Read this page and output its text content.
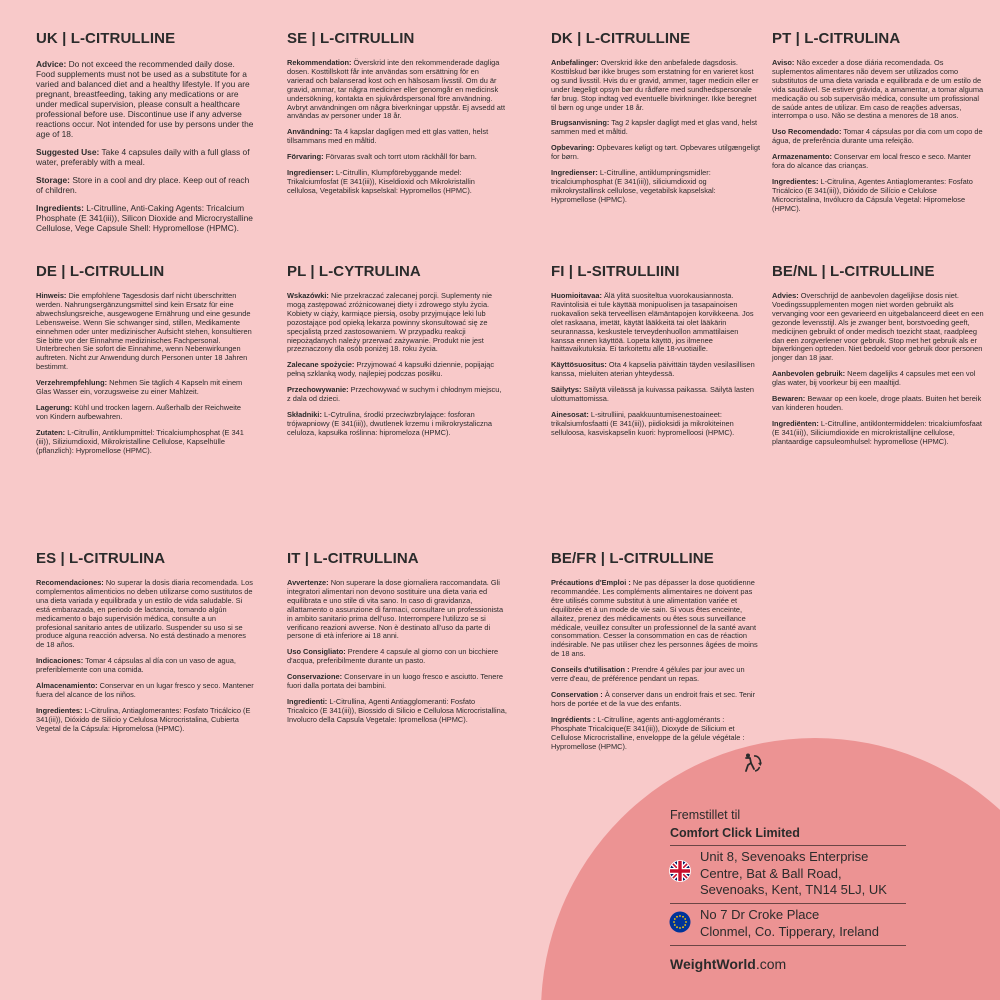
UK | L-CITRULLINE

Advice: Do not exceed the recommended daily dose. Food supplements must not be used as a substitute for a varied and balanced diet and a healthy lifestyle. If you are pregnant, breastfeeding, taking any medications or are under medical supervision, please consult a healthcare professional before use. Discontinue use if any adverse reactions occur. Not intended for use by persons under the age of 18.

Suggested Use: Take 4 capsules daily with a full glass of water, preferably with a meal.

Storage: Store in a cool and dry place. Keep out of reach of children.

Ingredients: L-Citrulline, Anti-Caking Agents: Tricalcium Phosphate (E 341(iii)), Silicon Dioxide and Microcrystalline Cellulose, Vege Capsule Shell: Hypromellose (HPMC).

SE | L-CITRULLIN

Rekommendation: Överskrid inte den rekommenderade dagliga dosen. Kosttillskott får inte användas som ersättning för en varierad och balanserad kost och en hälsosam livsstil. Om du är gravid, ammar, tar några mediciner eller genomgår en medicinsk undersökning, kontakta en sjukvårdspersonal före användning. Avbryt användningen om några biverkningar uppstår. Ej avsedd att användas av personer under 18 år.

Användning: Ta 4 kapslar dagligen med ett glas vatten, helst tillsammans med en måltid.

Förvaring: Förvaras svalt och torrt utom räckhåll för barn.

Ingredienser: L-Citrullin, Klumpförebyggande medel: Trikalciumfosfat (E 341(iii)), Kiseldioxid och Mikrokristallin cellulosa, Vegetabilisk kapselskal: Hypromellos (HPMC).

DK | L-CITRULLINE

Anbefalinger: Overskrid ikke den anbefalede dagsdosis. Kosttilskud bør ikke bruges som erstatning for en varieret kost og sund livsstil. Hvis du er gravid, ammer, tager medicin eller er under lægeligt opsyn bør du rådføre med sundhedspersonale før brug. Stop indtag ved eventuelle bivirkninger. Ikke beregnet til børn og unge under 18 år.

Brugsanvisning: Tag 2 kapsler dagligt med et glas vand, helst sammen med et måltid.

Opbevaring: Opbevares køligt og tørt. Opbevares utilgængeligt for børn.

Ingredienser: L-Citrulline, antiklumpningsmidler: tricalciumphosphat (E 341(iii)), siliciumdioxid og mikrokrystallinsk cellulose, vegetabilsk kapselskal: Hypromellose (HPMC).

PT | L-CITRULINA

Aviso: Não exceder a dose diária recomendada. Os suplementos alimentares não devem ser utilizados como substitutos de uma dieta variada e equilibrada e de um estilo de vida saudável. Se estiver grávida, a amamentar, a tomar alguma medicação ou sob supervisão médica, consulte um profissional de saúde antes de utilizar. Em caso de reações adversas, interrompa o uso. Não se destina a menores de 18 anos.

Uso Recomendado: Tomar 4 cápsulas por dia com um copo de água, de preferência durante uma refeição.

Armazenamento: Conservar em local fresco e seco. Manter fora do alcance das crianças.

Ingredientes: L-Citrulina, Agentes Antiaglomerantes: Fosfato Tricálcico (E 341(iii)), Dióxido de Silício e Celulose Microcristalina, Invólucro da Cápsula Vegetal: Hipromelose (HPMC).

DE | L-CITRULLIN

Hinweis: Die empfohlene Tagesdosis darf nicht überschritten werden. Nahrungsergänzungsmittel sind kein Ersatz für eine abwechslungsreiche, ausgewogene Ernährung und eine gesunde Lebensweise. Wenn Sie schwanger sind, stillen, Medikamente einnehmen oder unter medizinischer Aufsicht stehen, konsultieren Sie bitte vor der Einnahme medizinisches Fachpersonal. Unterbrechen Sie sofort die Einnahme, wenn Nebenwirkungen auftreten. Nicht zur Anwendung durch Personen unter 18 Jahren bestimmt.

Verzehrempfehlung: Nehmen Sie täglich 4 Kapseln mit einem Glas Wasser ein, vorzugsweise zu einer Mahlzeit.

Lagerung: Kühl und trocken lagern. Außerhalb der Reichweite von Kindern aufbewahren.

Zutaten: L-Citrullin, Antiklumpmittel: Tricalciumphosphat (E 341 (iii)), Siliziumdioxid, Mikrokristalline Cellulose, Kapselhülle (pflanzlich): Hypromellose (HPMC).

PL | L-CYTRULINA

Wskazówki: Nie przekraczać zalecanej porcji. Suplementy nie mogą zastępować zróżnicowanej diety i zdrowego stylu życia. Kobiety w ciąży, karmiące piersią, osoby przyjmujące leki lub pozostające pod opieką lekarza powinny skonsultować się ze specjalistą przed zastosowaniem. W przypadku reakcji niepożądanych należy przerwać zażywanie. Produkt nie jest przeznaczony dla osób poniżej 18. roku życia.

Zalecane spożycie: Przyjmować 4 kapsułki dziennie, popijając pełną szklanką wody, najlepiej podczas posiłku.

Przechowywanie: Przechowywać w suchym i chłodnym miejscu, z dala od dzieci.

Składniki: L-Cytrulina, środki przeciwzbrylające: fosforan trójwapniowy (E 341(iii)), dwutlenek krzemu i mikrokrystaliczna celuloza, kapsułka roślinna: hipromeloza (HPMC).

FI | L-SITRULLIINI

Huomioitavaa: Älä ylitä suositeltua vuorokausiannosta. Ravintolisiä ei tule käyttää monipuolisen ja tasapainoisen ruokavalion sekä terveellisen elämäntapojen korvikkeena. Jos olet raskaana, imetät, käytät lääkkeitä tai olet lääkärin seurannassa, keskustele terveydenhuollon ammattilaisen kanssa ennen käyttöä. Lopeta käyttö, jos ilmenee haittavaikutuksia. Ei tarkoitettu alle 18-vuotiaille.

Käyttösuositus: Ota 4 kapselia päivittäin täyden vesilasillisen kanssa, mieluiten aterian yhteydessä.

Säilytys: Säilytä viileässä ja kuivassa paikassa. Säilytä lasten ulottumattomissa.

Ainesosat: L-sitrulliini, paakkuuntumisenestoaineet: trikalsiumfosfaatti (E 341(iii)), piidioksidi ja mikrokiteinen selluloosa, kasviskapselin kuori: hypromelloosi (HPMC).

BE/NL | L-CITRULLINE

Advies: Overschrijd de aanbevolen dagelijkse dosis niet. Voedingssupplementen mogen niet worden gebruikt als vervanging voor een gevarieerd en uitgebalanceerd dieet en een gezonde levensstijl. Als je zwanger bent, borstvoeding geeft, medicijnen gebruikt of onder medisch toezicht staat, raadpleeg dan een zorgverlener voor gebruik. Stop met het gebruik als er bijwerkingen optreden. Niet bedoeld voor gebruik door personen jonger dan 18 jaar.

Aanbevolen gebruik: Neem dagelijks 4 capsules met een vol glas water, bij voorkeur bij een maaltijd.

Bewaren: Bewaar op een koele, droge plaats. Buiten het bereik van kinderen houden.

Ingrediënten: L-Citrulline, antiklontermiddelen: tricalciumfosfaat (E 341(iii)), Siliciumdioxide en microkristallijne cellulose, plantaardige capsuleomhulsel: hypromellose (HPMC).

ES | L-CITRULINA

Recomendaciones: No superar la dosis diaria recomendada. Los complementos alimenticios no deben utilizarse como sustitutos de una dieta variada y equilibrada y un estilo de vida saludable. Si está embarazada, en periodo de lactancia, tomando algún medicamento o bajo supervisión médica, consulte a un profesional sanitario antes de utilizarlo. Suspender su uso si se produce alguna reacción adversa. No está destinado a menores de 18 años.

Indicaciones: Tomar 4 cápsulas al día con un vaso de agua, preferiblemente con una comida.

Almacenamiento: Conservar en un lugar fresco y seco. Mantener fuera del alcance de los niños.

Ingredientes: L-Citrulina, Antiaglomerantes: Fosfato Tricálcico (E 341(iii)), Dióxido de Silicio y Celulosa Microcristalina, Cubierta Vegetal de la Cápsula: Hipromelosa (HPMC).

IT | L-CITRULLINA

Avvertenze: Non superare la dose giornaliera raccomandata. Gli integratori alimentari non devono sostituire una dieta varia ed equilibrata e uno stile di vita sano. In caso di gravidanza, allattamento o assunzione di farmaci, consultare un professionista in ambito sanitario prima dell'uso. Interrompere l'utilizzo se si verificano reazioni avverse. Non è destinato all'uso da parte di persone di età inferiore ai 18 anni.

Uso Consigliato: Prendere 4 capsule al giorno con un bicchiere d'acqua, preferibilmente durante un pasto.

Conservazione: Conservare in un luogo fresco e asciutto. Tenere fuori dalla portata dei bambini.

Ingredienti: L-Citrullina, Agenti Antiagglomeranti: Fosfato Tricalcico (E 341(iii)), Biossido di Silicio e Cellulosa Microcristallina, Involucro della Capsula Vegetale: Ipromellosa (HPMC).

BE/FR | L-CITRULLINE

Précautions d'Emploi : Ne pas dépasser la dose quotidienne recommandée. Les compléments alimentaires ne doivent pas être utilisés comme substitut à une alimentation variée et équilibrée et à un mode de vie sain. Si vous êtes enceinte, allaitez, prenez des médicaments ou êtes sous surveillance médicale, veuillez consulter un professionnel de la santé avant consommation. Cesser la consommation en cas de réaction indésirable. Ne pas utiliser chez les personnes âgées de moins de 18 ans.

Conseils d'utilisation : Prendre 4 gélules par jour avec un verre d'eau, de préférence pendant un repas.

Conservation : À conserver dans un endroit frais et sec. Tenir hors de portée et de la vue des enfants.

Ingrédients : L-Citrulline, agents anti-agglomérants : Phosphate Tricalcique(E 341(iii)), Dioxyde de Silicium et Cellulose Microcristalline, enveloppe de la gélule végétale : Hypromellose (HPMC).

Fremstillet til
Comfort Click Limited
Unit 8, Sevenoaks Enterprise
Centre, Bat & Ball Road,
Sevenoaks, Kent, TN14 5LJ, UK
No 7 Dr Croke Place
Clonmel, Co. Tipperary, Ireland
WeightWorld.com
